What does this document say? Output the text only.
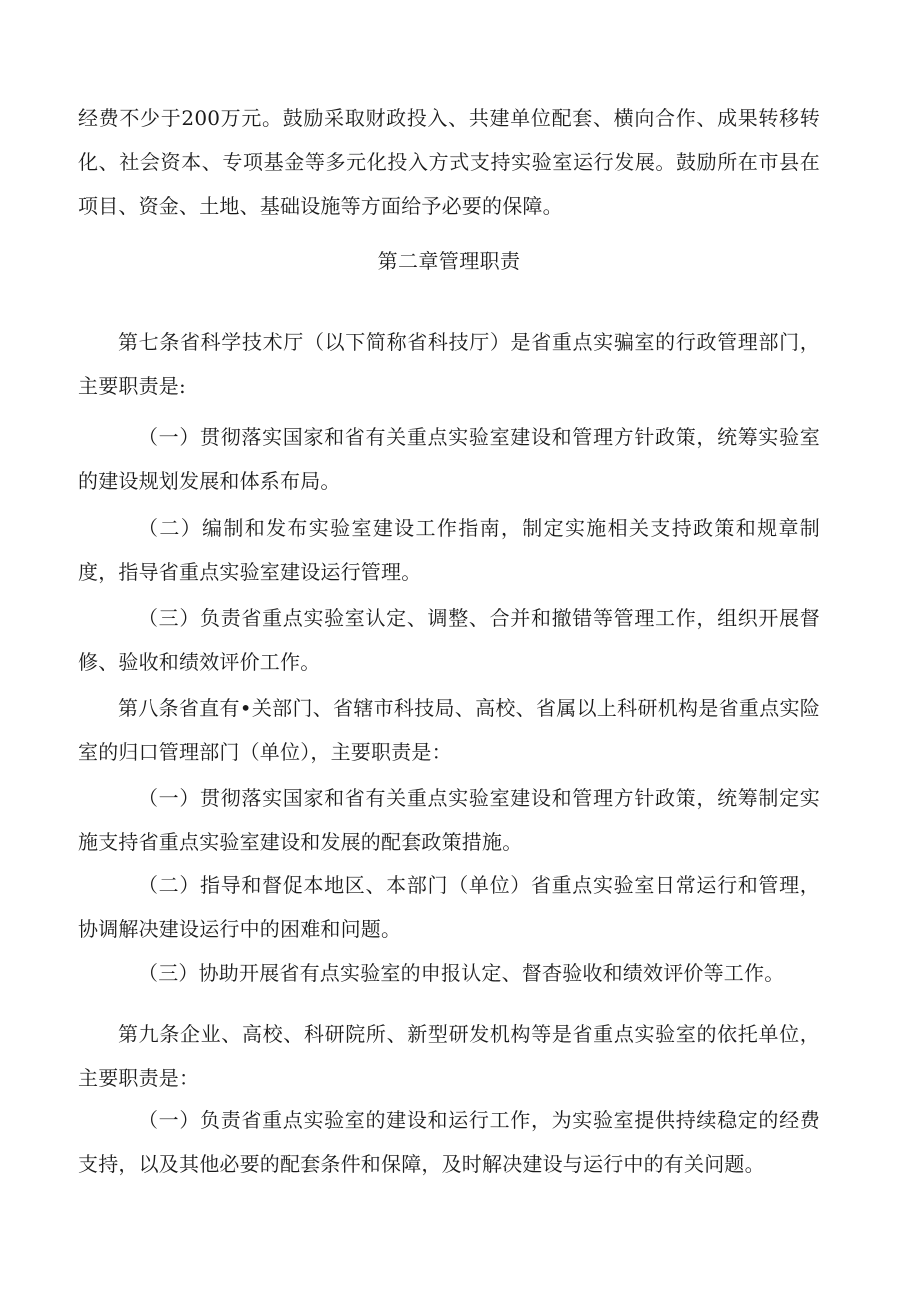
经费不少于200万元。鼓励采取财政投入、共建单位配套、横向合作、成果转移转化、社会资本、专项基金等多元化投入方式支持实验室运行发展。鼓励所在市县在项目、资金、土地、基础设施等方面给予必要的保障。

第二章管理职责

第七条省科学技术厅（以下简称省科技厅）是省重点实骗室的行政管理部门，主要职责是:

（一）贯彻落实国家和省有关重点实验室建设和管理方针政策，统筹实验室的建设规划发展和体系布局。

（二）编制和发布实验室建设工作指南，制定实施相关支持政策和规章制度，指导省重点实验室建设运行管理。

（三）负责省重点实验室认定、调整、合并和撤错等管理工作，组织开展督修、验收和绩效评价工作。

第八条省直有•关部门、省辖市科技局、高校、省属以上科研机构是省重点实险室的归口管理部门（单位），主要职责是：

（一）贯彻落实国家和省有关重点实验室建设和管理方针政策，统筹制定实施支持省重点实验室建设和发展的配套政策措施。

（二）指导和督促本地区、本部门（单位）省重点实验室日常运行和管理，协调解决建设运行中的困难和问题。

（三）协助开展省有点实验室的申报认定、督杳验收和绩效评价等工作。

第九条企业、高校、科研院所、新型研发机构等是省重点实验室的依托单位，主要职责是：

（一）负责省重点实验室的建设和运行工作，为实验室提供持续稳定的经费支持，以及其他必要的配套条件和保障，及时解决建设与运行中的有关问题。
